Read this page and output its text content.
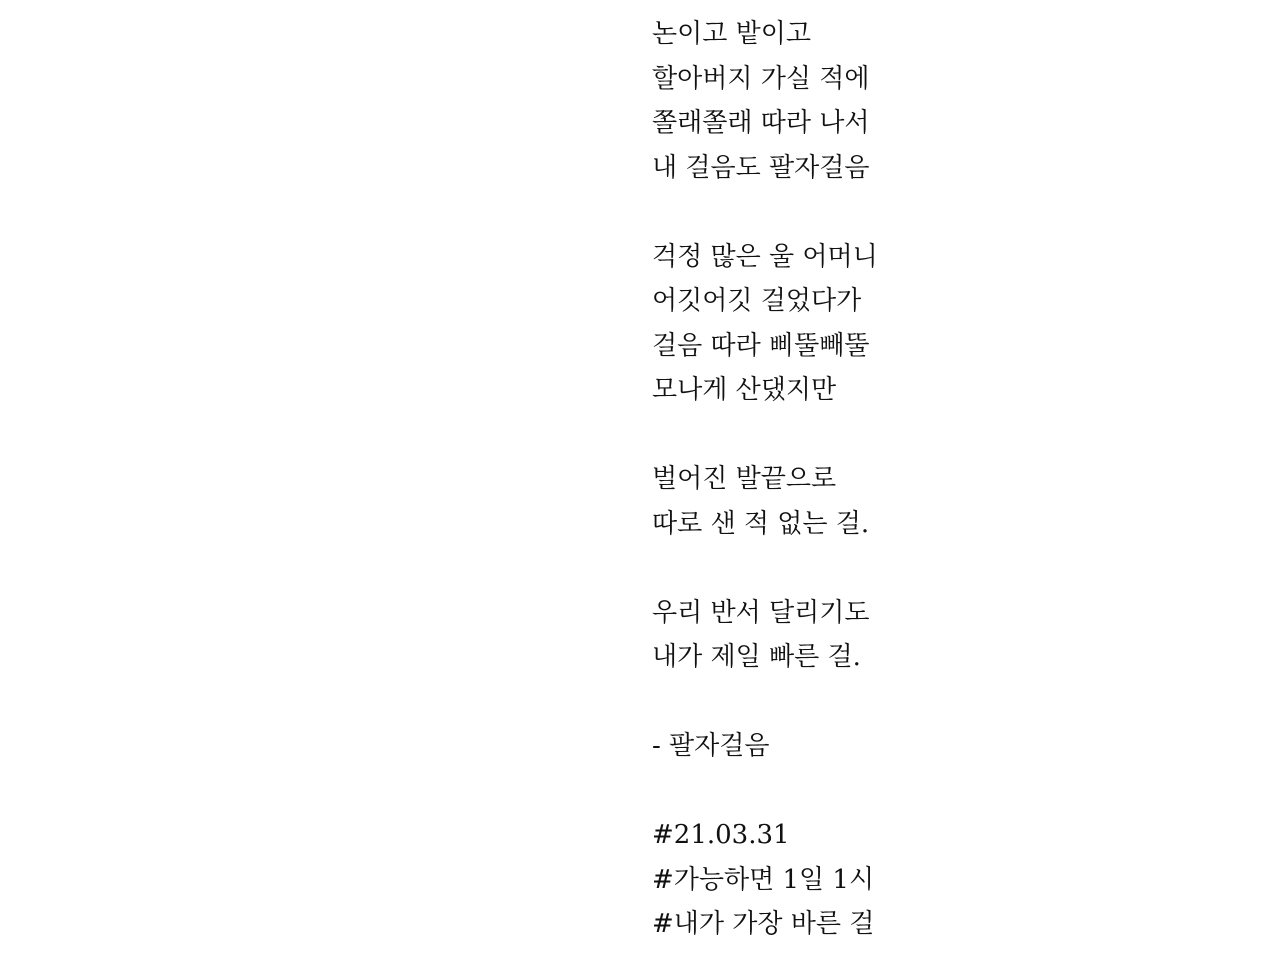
논이고 밭이고
할아버지 가실 적에
쫄래쫄래 따라 나서
내 걸음도 팔자걸음
걱정 많은 울 어머니
어깃어깃 걸었다가
걸음 따라 삐뚤빼뚤
모나게 산댔지만
벌어진 발끝으로
따로 샌 적 없는 걸.
우리 반서 달리기도
내가 제일 빠른 걸.
- 팔자걸음
#21.03.31
#가능하면 1일 1시
#내가 가장 바른 걸
